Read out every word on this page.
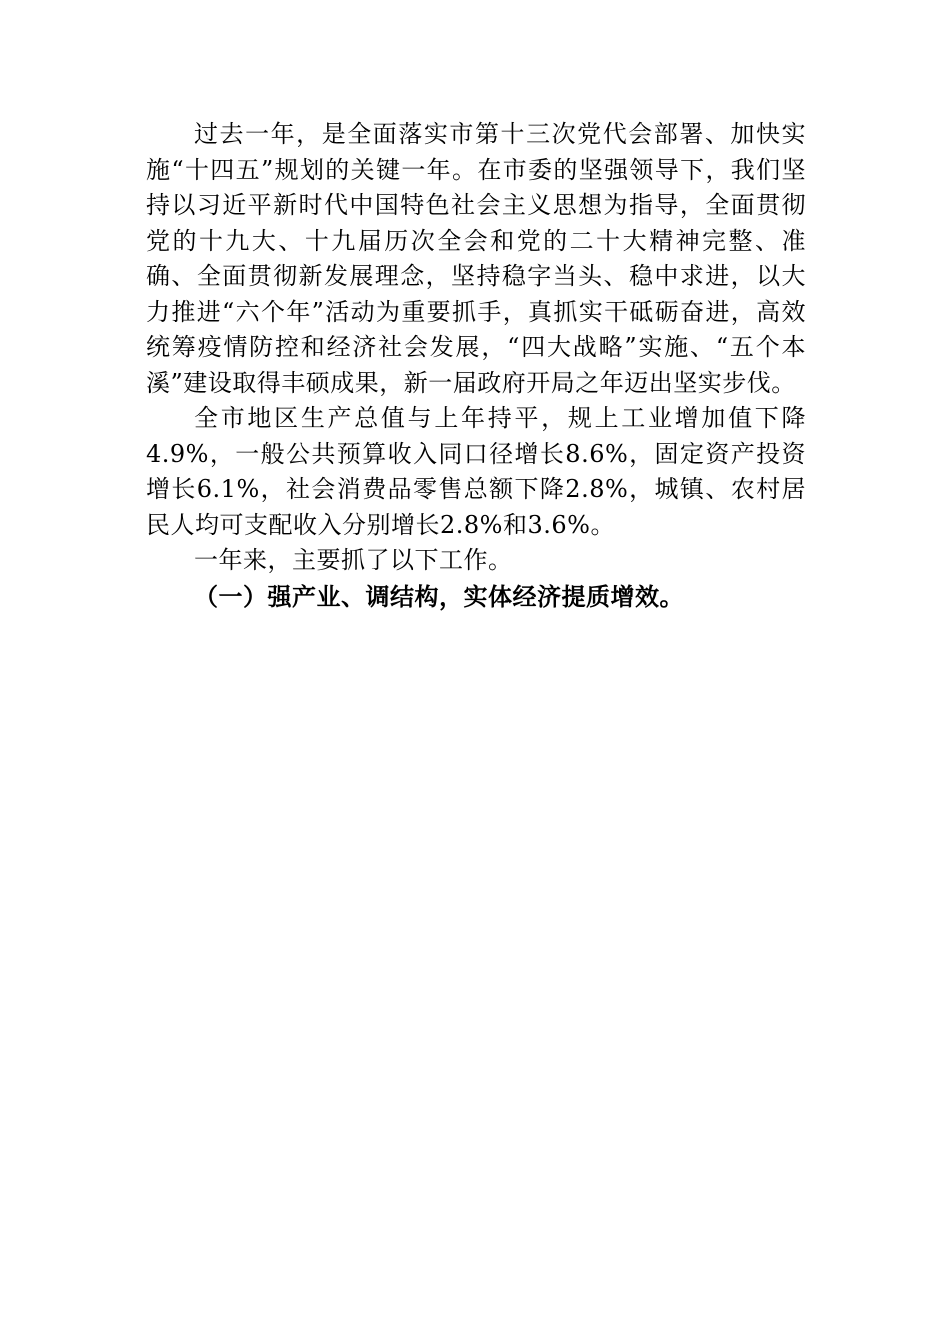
过去一年，是全面落实市第十三次党代会部署、加快实施“十四五”规划的关键一年。在市委的坚强领导下，我们坚持以习近平新时代中国特色社会主义思想为指导，全面贯彻党的十九大、十九届历次全会和党的二十大精神完整、准确、全面贯彻新发展理念，坚持稳字当头、稳中求进，以大力推进“六个年”活动为重要抓手，真抓实干砥砺奋进，高效统筹疫情防控和经济社会发展，“四大战略”实施、“五个本溪”建设取得丰硕成果，新一届政府开局之年迈出坚实步伐。

全市地区生产总值与上年持平，规上工业增加值下降4.9%，一般公共预算收入同口径增长8.6%，固定资产投资增长6.1%，社会消费品零售总额下降2.8%，城镇、农村居民人均可支配收入分别增长2.8%和3.6%。

一年来，主要抓了以下工作。

（一）强产业、调结构，实体经济提质增效。
